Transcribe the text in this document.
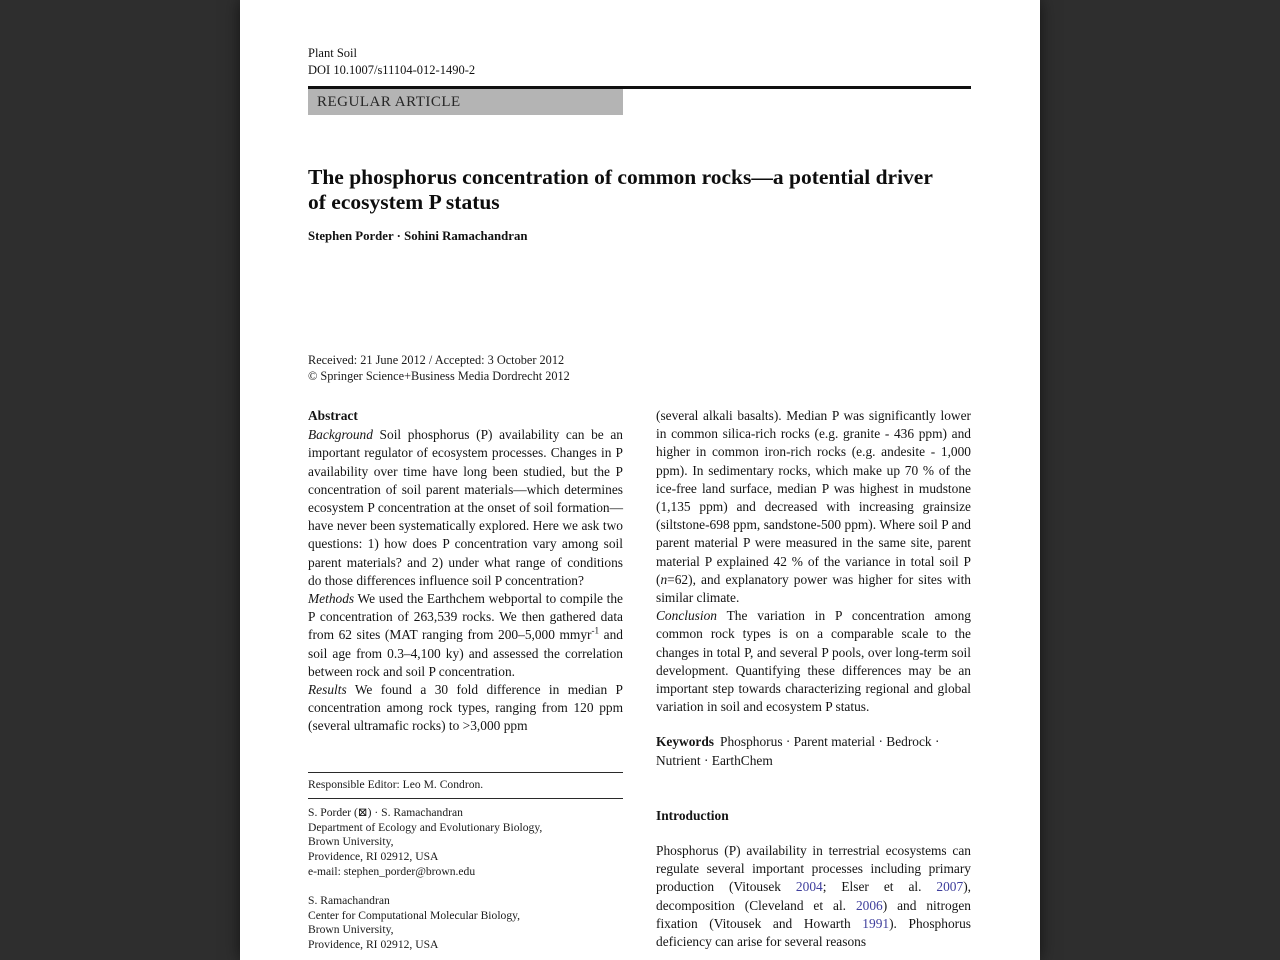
Plant Soil
DOI 10.1007/s11104-012-1490-2
REGULAR ARTICLE
The phosphorus concentration of common rocks—a potential driver of ecosystem P status
Stephen Porder · Sohini Ramachandran
Received: 21 June 2012 / Accepted: 3 October 2012
© Springer Science+Business Media Dordrecht 2012

Abstract

Background Soil phosphorus (P) availability can be an important regulator of ecosystem processes. Changes in P availability over time have long been studied, but the P concentration of soil parent materials—which determines ecosystem P concentration at the onset of soil formation—have never been systematically explored. Here we ask two questions: 1) how does P concentration vary among soil parent materials? and 2) under what range of conditions do those differences influence soil P concentration?

Methods We used the Earthchem webportal to compile the P concentration of 263,539 rocks. We then gathered data from 62 sites (MAT ranging from 200–5,000 mmyr$^{-1}$ and soil age from 0.3–4,100 ky) and assessed the correlation between rock and soil P concentration.

Results We found a 30 fold difference in median P concentration among rock types, ranging from 120 ppm (several ultramafic rocks) to >3,000 ppm

Responsible Editor: Leo M. Condron.
S. Porder (⊠) · S. Ramachandran
Department of Ecology and Evolutionary Biology,
Brown University,
Providence, RI 02912, USA
e-mail: stephen_porder@brown.edu
S. Ramachandran
Center for Computational Molecular Biology,
Brown University,
Providence, RI 02912, USA

(several alkali basalts). Median P was significantly lower in common silica-rich rocks (e.g. granite - 436 ppm) and higher in common iron-rich rocks (e.g. andesite - 1,000 ppm). In sedimentary rocks, which make up 70 % of the ice-free land surface, median P was highest in mudstone (1,135 ppm) and decreased with increasing grainsize (siltstone-698 ppm, sandstone-500 ppm). Where soil P and parent material P were measured in the same site, parent material P explained 42 % of the variance in total soil P (n=62), and explanatory power was higher for sites with similar climate.

Conclusion The variation in P concentration among common rock types is on a comparable scale to the changes in total P, and several P pools, over long-term soil development. Quantifying these differences may be an important step towards characterizing regional and global variation in soil and ecosystem P status.

Keywords Phosphorus · Parent material · Bedrock · Nutrient · EarthChem

Introduction

Phosphorus (P) availability in terrestrial ecosystems can regulate several important processes including primary production (Vitousek 2004; Elser et al. 2007), decomposition (Cleveland et al. 2006) and nitrogen fixation (Vitousek and Howarth 1991). Phosphorus deficiency can arise for several reasons
